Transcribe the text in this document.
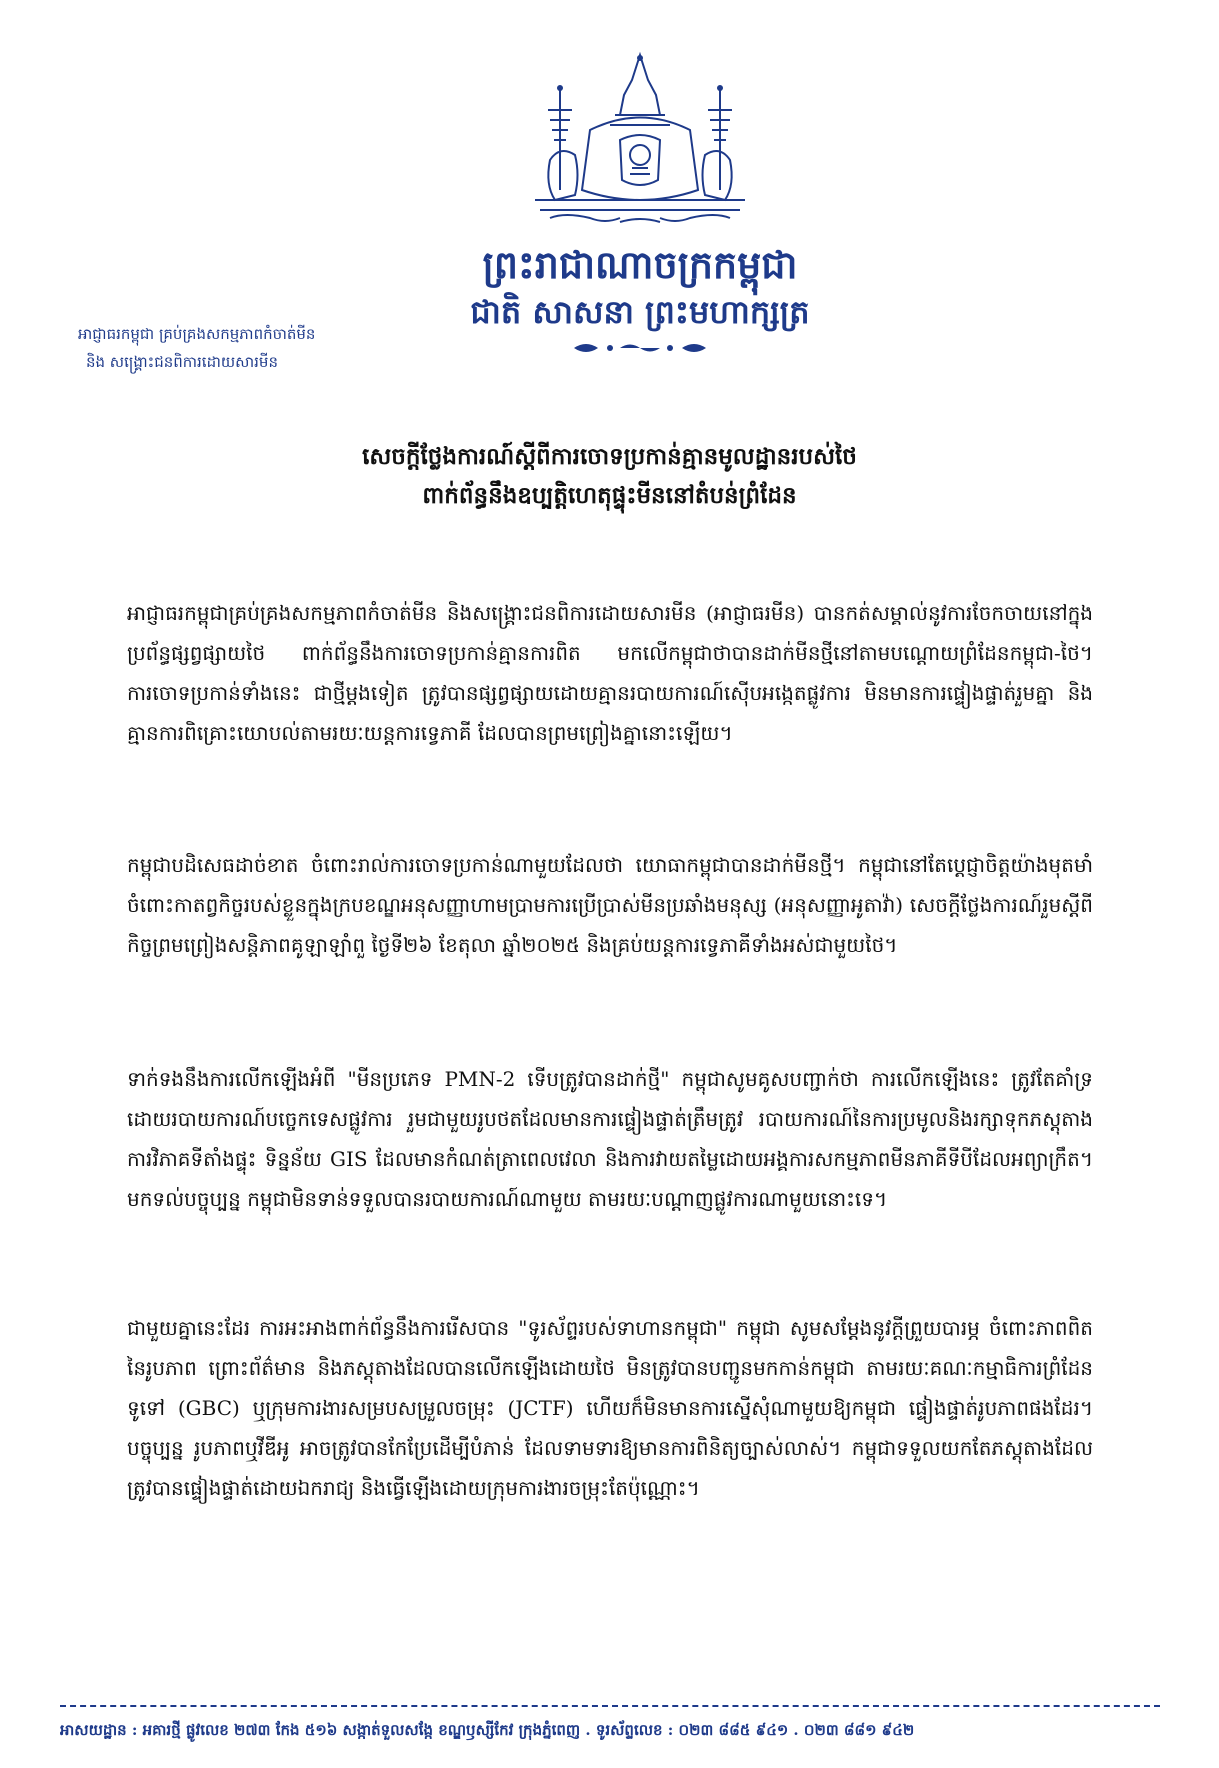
ព្រះរាជាណាចក្រកម្ពុជា
ជាតិ សាសនា ព្រះមហាក្សត្រ
អាជ្ញាធរកម្ពុជា គ្រប់គ្រងសកម្មភាពកំចាត់មីន
និង សង្គ្រោះជនពិការដោយសារមីន
សេចក្តីថ្លែងការណ៍ស្តីពីការចោទប្រកាន់គ្មានមូលដ្ឋានរបស់ថៃ
ពាក់ព័ន្ធនឹងឧប្បត្តិហេតុផ្ទុះមីននៅតំបន់ព្រំដែន
អាជ្ញាធរកម្ពុជាគ្រប់គ្រងសកម្មភាពកំចាត់មីន និងសង្គ្រោះជនពិការដោយសារមីន (អាជ្ញាធរមីន) បានកត់សម្គាល់នូវការចែកចាយនៅក្នុងប្រព័ន្ធផ្សព្វផ្សាយថៃ ពាក់ព័ន្ធនឹងការចោទប្រកាន់គ្មានការពិត មកលើកម្ពុជាថាបានដាក់មីនថ្មីនៅតាមបណ្តោយព្រំដែនកម្ពុជា-ថៃ។ ការចោទប្រកាន់ទាំងនេះ ជាថ្មីម្តងទៀត ត្រូវបានផ្សព្វផ្សាយដោយគ្មានរបាយការណ៍ស៊ើបអង្កេតផ្លូវការ មិនមានការផ្ទៀងផ្ទាត់រួមគ្នា និងគ្មានការពិគ្រោះយោបល់តាមរយៈយន្តការទ្វេភាគី ដែលបានព្រមព្រៀងគ្នានោះឡើយ។
កម្ពុជាបដិសេធដាច់ខាត ចំពោះរាល់ការចោទប្រកាន់ណាមួយដែលថា យោធាកម្ពុជាបានដាក់មីនថ្មី។ កម្ពុជានៅតែប្តេជ្ញាចិត្តយ៉ាងមុតមាំ ចំពោះកាតព្វកិច្ចរបស់ខ្លួនក្នុងក្របខណ្ឌអនុសញ្ញាហាមប្រាមការប្រើប្រាស់មីនប្រឆាំងមនុស្ស (អនុសញ្ញាអូតាវ៉ា) សេចក្តីថ្លែងការណ៍រួមស្តីពីកិច្ចព្រមព្រៀងសន្តិភាពគូឡាឡាំពួ ថ្ងៃទី២៦ ខែតុលា ឆ្នាំ២០២៥ និងគ្រប់យន្តការទ្វេភាគីទាំងអស់ជាមួយថៃ។
ទាក់ទងនឹងការលើកឡើងអំពី "មីនប្រភេទ PMN-2 ទើបត្រូវបានដាក់ថ្មី" កម្ពុជាសូមគូសបញ្ជាក់ថា ការលើកឡើងនេះ ត្រូវតែគាំទ្រដោយរបាយការណ៍បច្ចេកទេសផ្លូវការ រួមជាមួយរូបថតដែលមានការផ្ទៀងផ្ទាត់ត្រឹមត្រូវ របាយការណ៍នៃការប្រមូលនិងរក្សាទុកភស្តុតាង ការវិភាគទីតាំងផ្ទុះ ទិន្នន័យ GIS ដែលមានកំណត់ត្រាពេលវេលា និងការវាយតម្លៃដោយអង្គការសកម្មភាពមីនភាគីទីបីដែលអព្យាក្រឹត។ មកទល់បច្ចុប្បន្ន កម្ពុជាមិនទាន់ទទួលបានរបាយការណ៍ណាមួយ តាមរយៈបណ្តាញផ្លូវការណាមួយនោះទេ។
ជាមួយគ្នានេះដែរ ការអះអាងពាក់ព័ន្ធនឹងការរើសបាន "ទូរស័ព្ទរបស់ទាហានកម្ពុជា" កម្ពុជា សូមសម្តែងនូវក្តីព្រួយបារម្ភ ចំពោះភាពពិតនៃរូបភាព ព្រោះព័ត៌មាន និងភស្តុតាងដែលបានលើកឡើងដោយថៃ មិនត្រូវបានបញ្ជូនមកកាន់កម្ពុជា តាមរយៈគណៈកម្មាធិការព្រំដែនទូទៅ (GBC) ឬក្រុមការងារសម្របសម្រួលចម្រុះ (JCTF) ហើយក៏មិនមានការស្នើសុំណាមួយឱ្យកម្ពុជា ផ្ទៀងផ្ទាត់រូបភាពផងដែរ។ បច្ចុប្បន្ន រូបភាពឬវីឌីអូ អាចត្រូវបានកែប្រែដើម្បីបំភាន់ ដែលទាមទារឱ្យមានការពិនិត្យច្បាស់លាស់។ កម្ពុជាទទួលយកតែភស្តុតាងដែលត្រូវបានផ្ទៀងផ្ទាត់ដោយឯករាជ្យ និងធ្វើឡើងដោយក្រុមការងារចម្រុះតែប៉ុណ្ណោះ។
អាសយដ្ឋាន : អគារថ្មី ផ្លូវលេខ ២៧៣ កែង ៥១៦ សង្កាត់ទួលសង្កែ ខណ្ឌឫស្សីកែវ ក្រុងភ្នំពេញ . ទូរស័ព្ទលេខ : ០២៣ ៨៨៥ ៩៤១ . ០២៣ ៨៨១ ៩៤២
